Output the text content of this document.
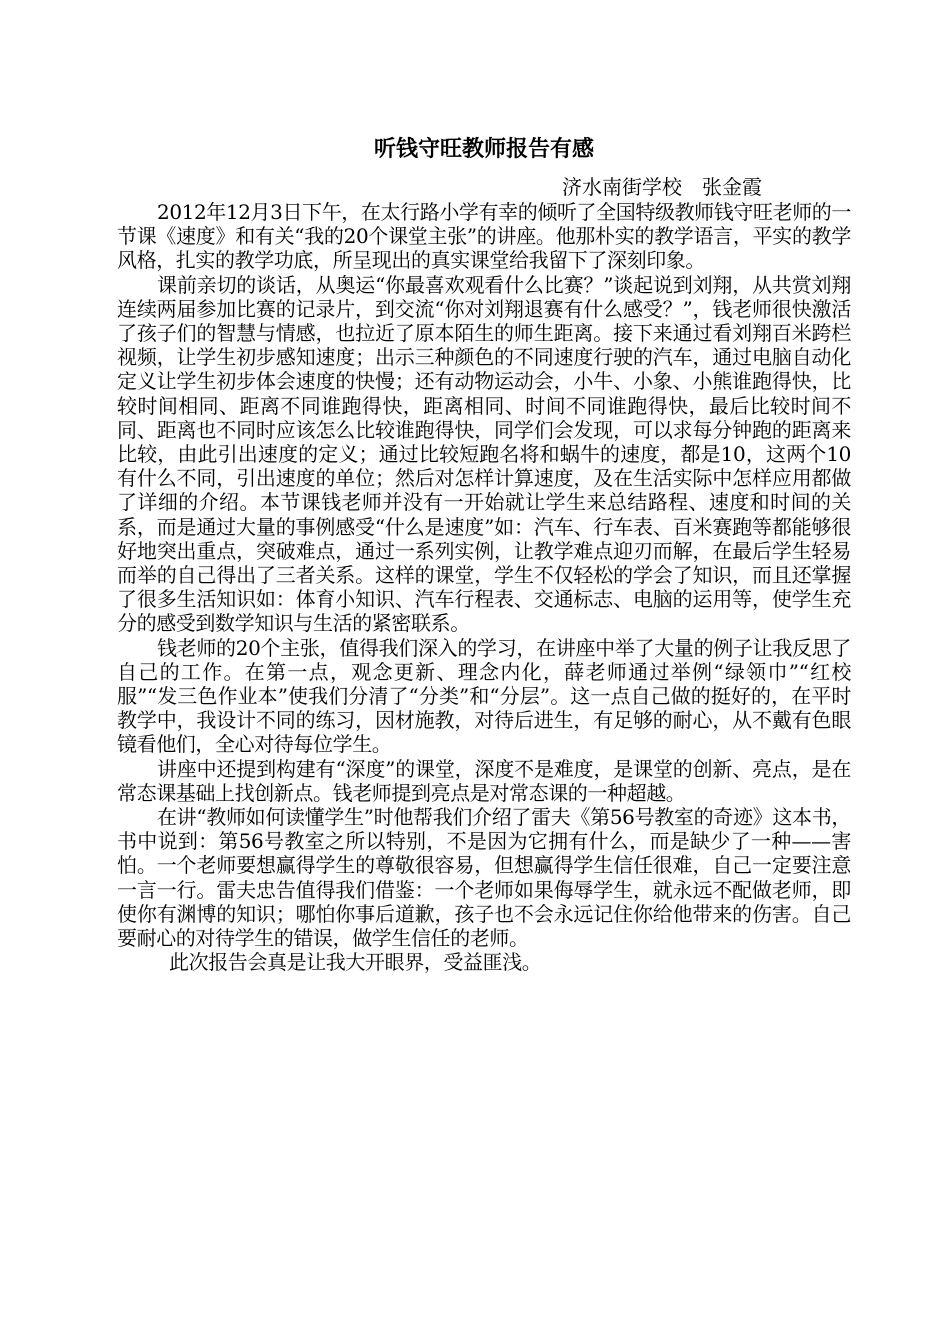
听钱守旺教师报告有感

济水南街学校　张金霞

2012年12月3日下午，在太行路小学有幸的倾听了全国特级教师钱守旺老师的一节课《速度》和有关“我的20个课堂主张”的讲座。他那朴实的教学语言，平实的教学风格，扎实的教学功底，所呈现出的真实课堂给我留下了深刻印象。

课前亲切的谈话，从奥运“你最喜欢观看什么比赛？”谈起说到刘翔，从共赏刘翔连续两届参加比赛的记录片，到交流“你对刘翔退赛有什么感受？”，钱老师很快激活了孩子们的智慧与情感，也拉近了原本陌生的师生距离。接下来通过看刘翔百米跨栏视频，让学生初步感知速度；出示三种颜色的不同速度行驶的汽车，通过电脑自动化定义让学生初步体会速度的快慢；还有动物运动会，小牛、小象、小熊谁跑得快，比较时间相同、距离不同谁跑得快，距离相同、时间不同谁跑得快，最后比较时间不同、距离也不同时应该怎么比较谁跑得快，同学们会发现，可以求每分钟跑的距离来比较，由此引出速度的定义；通过比较短跑名将和蜗牛的速度，都是10，这两个10有什么不同，引出速度的单位；然后对怎样计算速度，及在生活实际中怎样应用都做了详细的介绍。本节课钱老师并没有一开始就让学生来总结路程、速度和时间的关系，而是通过大量的事例感受“什么是速度”如：汽车、行车表、百米赛跑等都能够很好地突出重点，突破难点，通过一系列实例，让教学难点迎刃而解，在最后学生轻易而举的自己得出了三者关系。这样的课堂，学生不仅轻松的学会了知识，而且还掌握了很多生活知识如：体育小知识、汽车行程表、交通标志、电脑的运用等，使学生充分的感受到数学知识与生活的紧密联系。

钱老师的20个主张，值得我们深入的学习，在讲座中举了大量的例子让我反思了自己的工作。在第一点，观念更新、理念内化，薛老师通过举例“绿领巾”“红校服”“发三色作业本”使我们分清了“分类”和“分层”。这一点自己做的挺好的，在平时教学中，我设计不同的练习，因材施教，对待后进生，有足够的耐心，从不戴有色眼镜看他们，全心对待每位学生。

讲座中还提到构建有“深度”的课堂，深度不是难度，是课堂的创新、亮点，是在常态课基础上找创新点。钱老师提到亮点是对常态课的一种超越。

在讲“教师如何读懂学生”时他帮我们介绍了雷夫《第56号教室的奇迹》这本书，书中说到：第56号教室之所以特别，不是因为它拥有什么，而是缺少了一种——害怕。一个老师要想赢得学生的尊敬很容易，但想赢得学生信任很难，自己一定要注意一言一行。雷夫忠告值得我们借鉴：一个老师如果侮辱学生，就永远不配做老师，即使你有渊博的知识；哪怕你事后道歉，孩子也不会永远记住你给他带来的伤害。自己要耐心的对待学生的错误，做学生信任的老师。

此次报告会真是让我大开眼界，受益匪浅。
